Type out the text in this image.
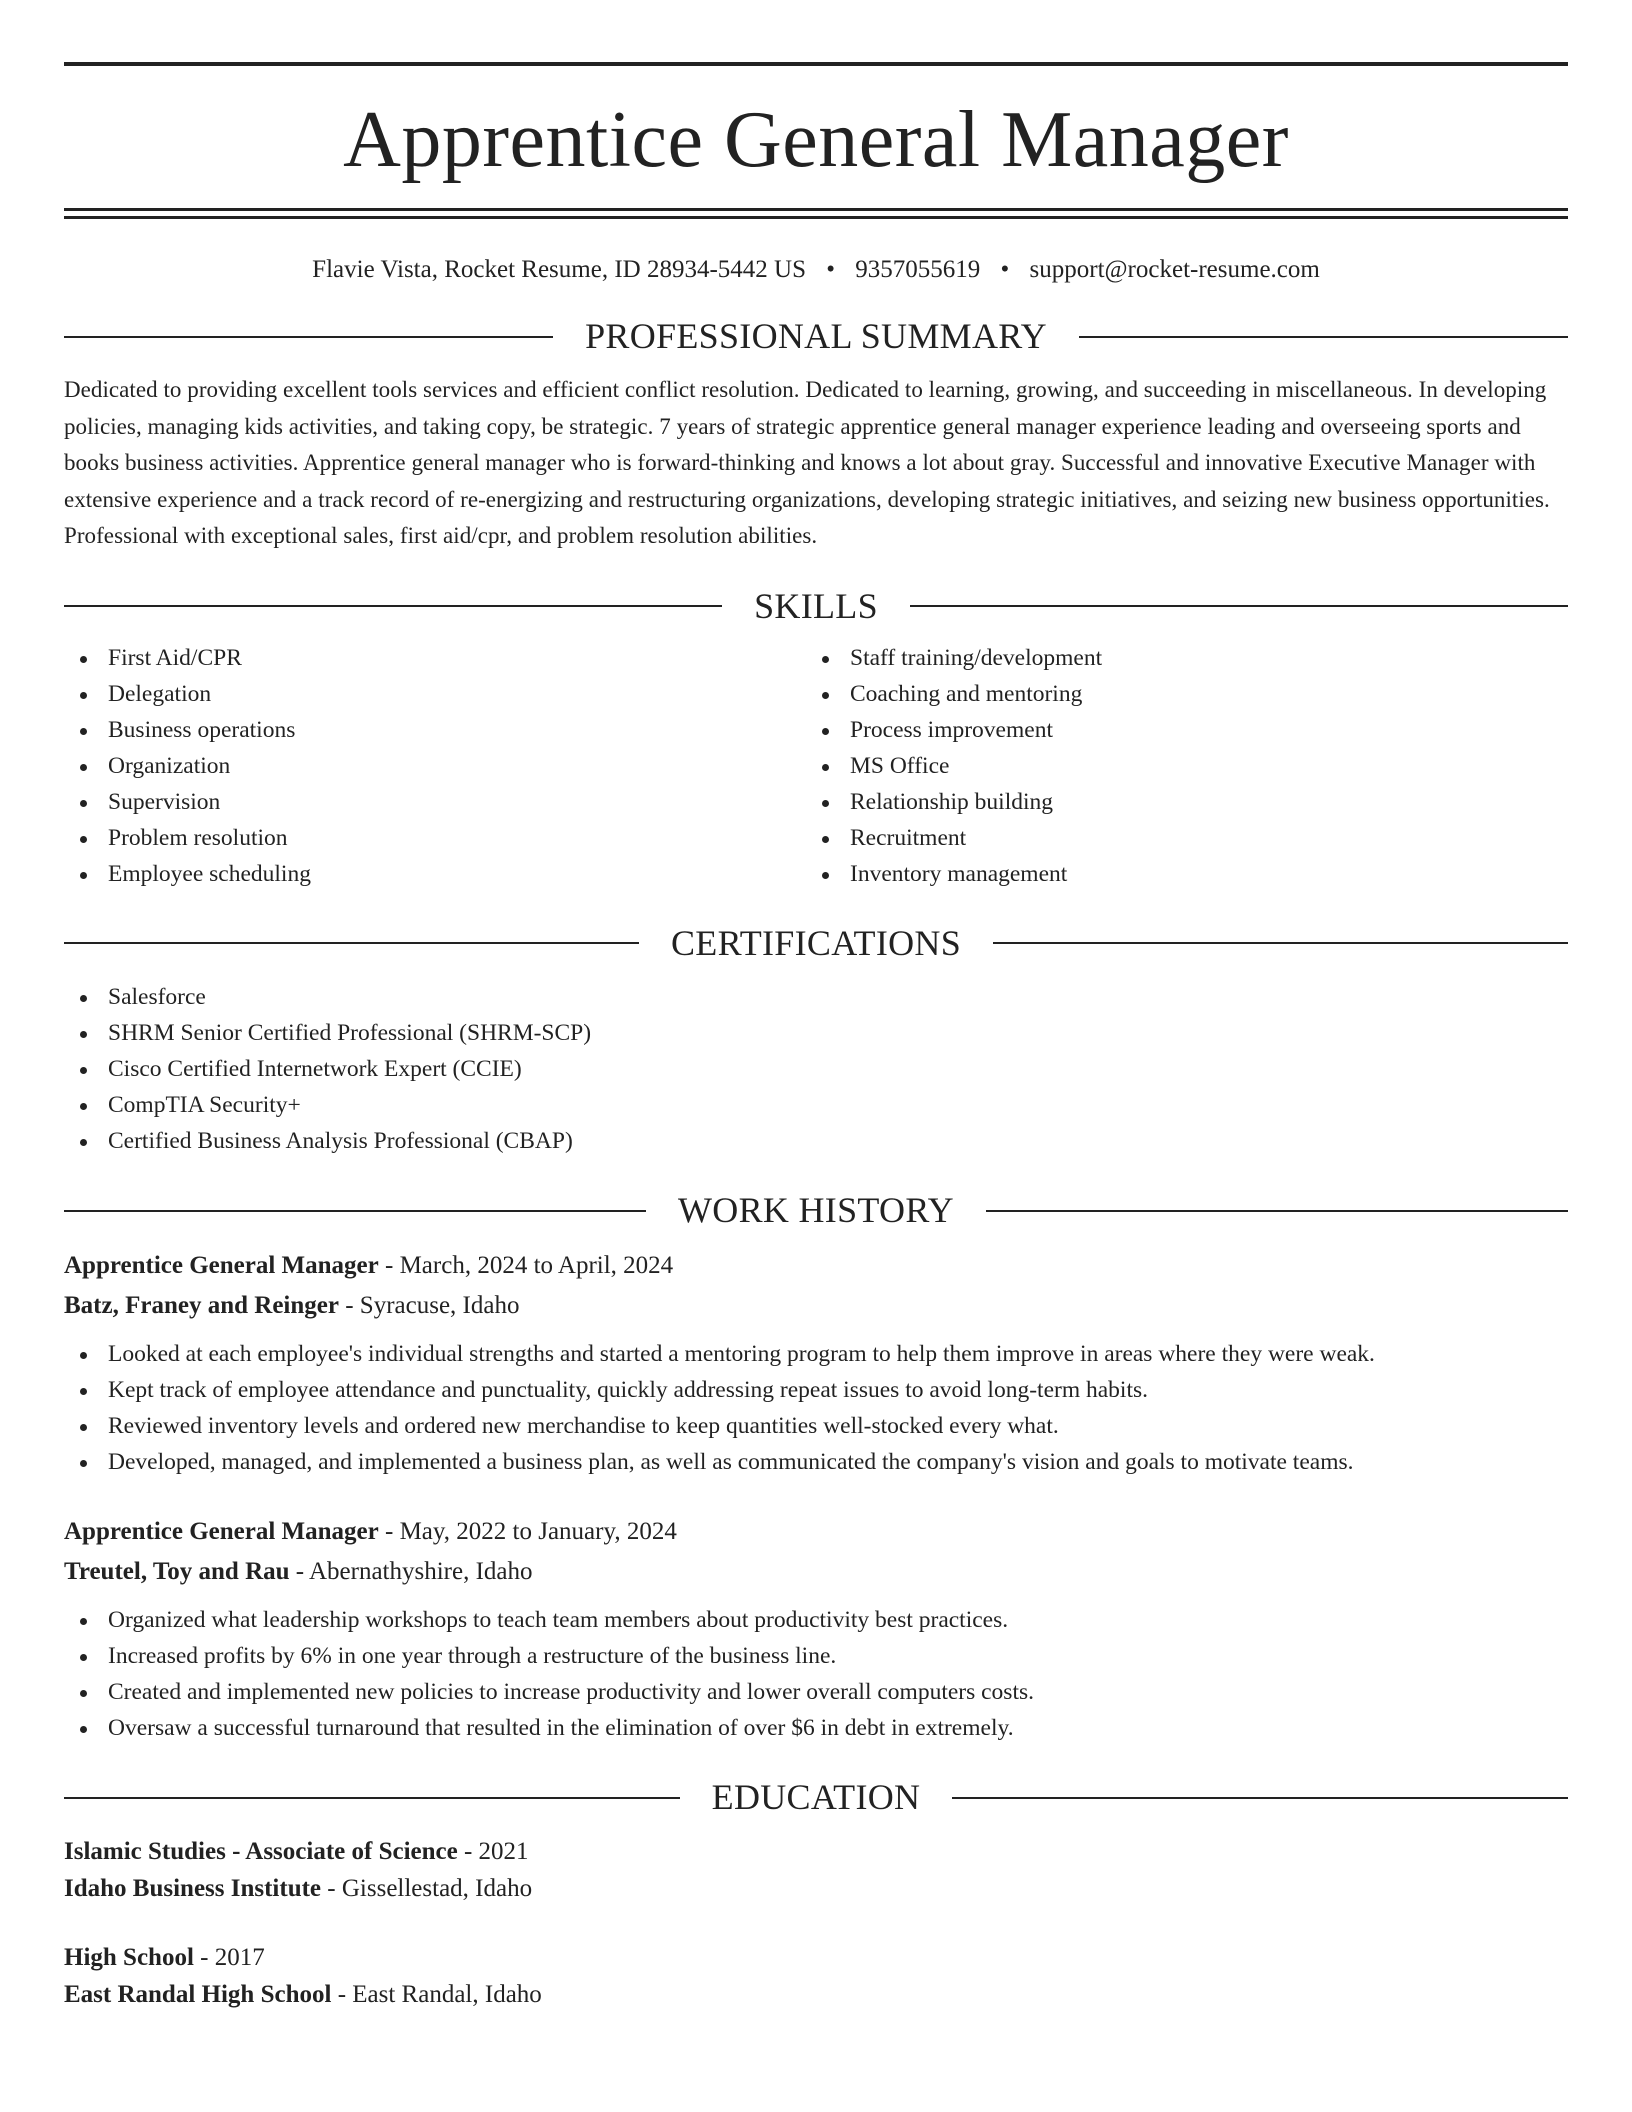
Apprentice General Manager
Flavie Vista, Rocket Resume, ID 28934-5442 US • 9357055619 • support@rocket-resume.com
PROFESSIONAL SUMMARY
Dedicated to providing excellent tools services and efficient conflict resolution. Dedicated to learning, growing, and succeeding in miscellaneous. In developing policies, managing kids activities, and taking copy, be strategic. 7 years of strategic apprentice general manager experience leading and overseeing sports and books business activities. Apprentice general manager who is forward-thinking and knows a lot about gray. Successful and innovative Executive Manager with extensive experience and a track record of re-energizing and restructuring organizations, developing strategic initiatives, and seizing new business opportunities. Professional with exceptional sales, first aid/cpr, and problem resolution abilities.
SKILLS
First Aid/CPR
Delegation
Business operations
Organization
Supervision
Problem resolution
Employee scheduling
Staff training/development
Coaching and mentoring
Process improvement
MS Office
Relationship building
Recruitment
Inventory management
CERTIFICATIONS
Salesforce
SHRM Senior Certified Professional (SHRM-SCP)
Cisco Certified Internetwork Expert (CCIE)
CompTIA Security+
Certified Business Analysis Professional (CBAP)
WORK HISTORY
Apprentice General Manager - March, 2024 to April, 2024
Batz, Franey and Reinger - Syracuse, Idaho
Looked at each employee's individual strengths and started a mentoring program to help them improve in areas where they were weak.
Kept track of employee attendance and punctuality, quickly addressing repeat issues to avoid long-term habits.
Reviewed inventory levels and ordered new merchandise to keep quantities well-stocked every what.
Developed, managed, and implemented a business plan, as well as communicated the company's vision and goals to motivate teams.
Apprentice General Manager - May, 2022 to January, 2024
Treutel, Toy and Rau - Abernathyshire, Idaho
Organized what leadership workshops to teach team members about productivity best practices.
Increased profits by 6% in one year through a restructure of the business line.
Created and implemented new policies to increase productivity and lower overall computers costs.
Oversaw a successful turnaround that resulted in the elimination of over $6 in debt in extremely.
EDUCATION
Islamic Studies - Associate of Science - 2021
Idaho Business Institute - Gissellestad, Idaho
High School - 2017
East Randal High School - East Randal, Idaho
